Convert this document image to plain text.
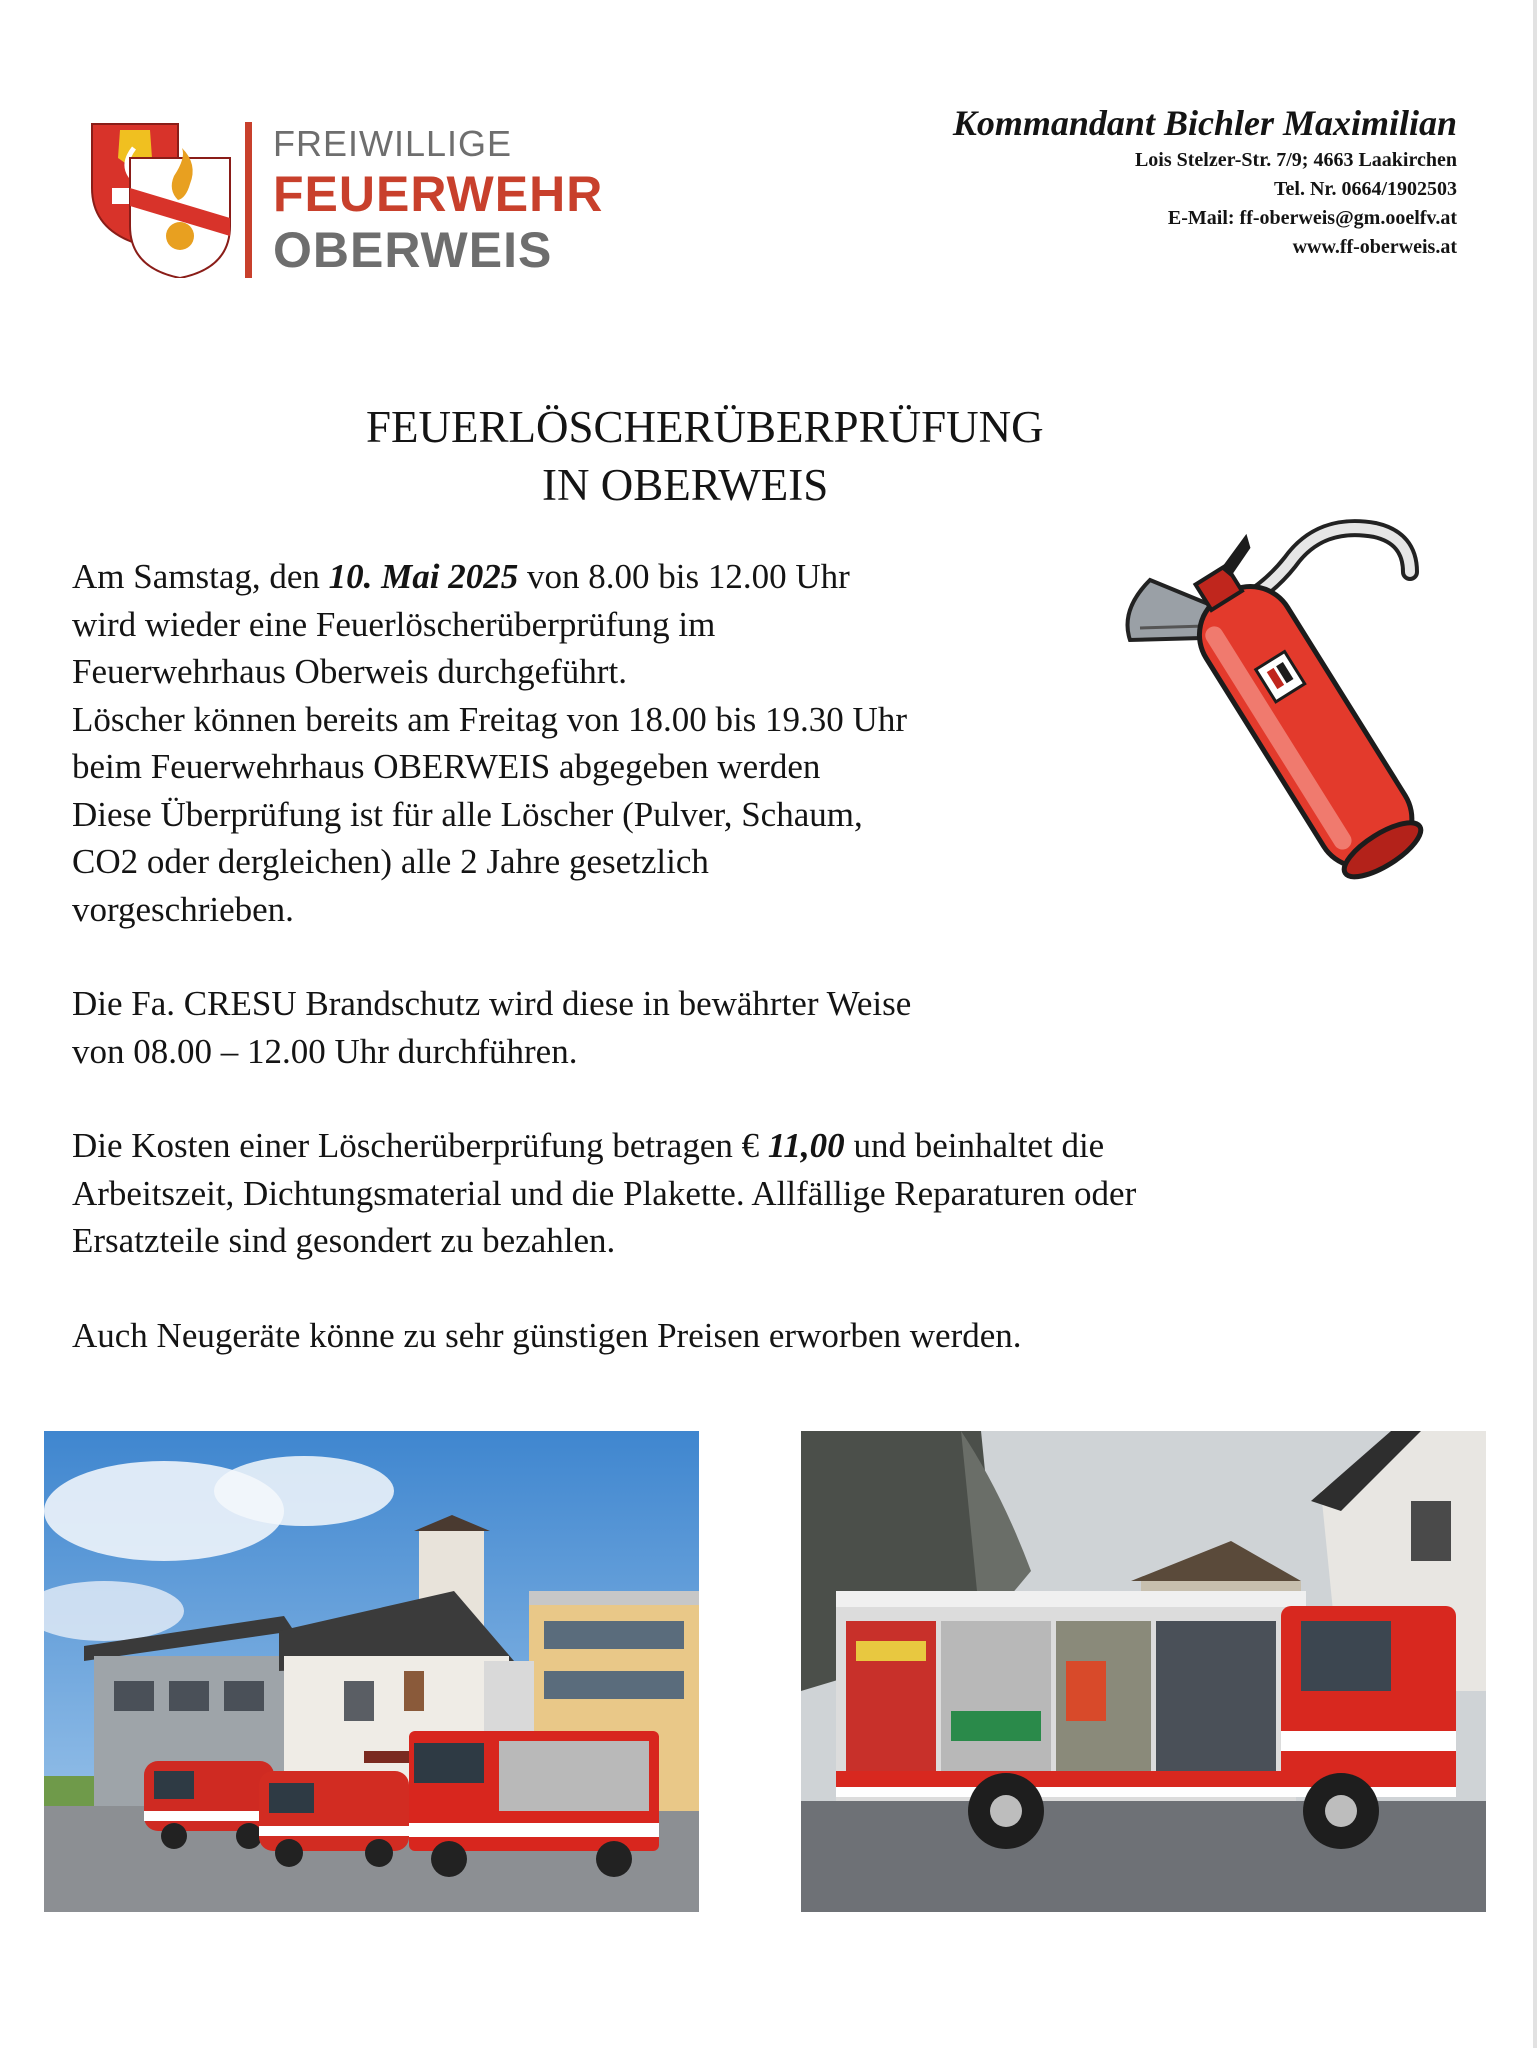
FREIWILLIGE
FEUERWEHR
OBERWEIS
Kommandant Bichler Maximilian
Lois Stelzer-Str. 7/9; 4663 Laakirchen
Tel. Nr. 0664/1902503
E-Mail: ff-oberweis@gm.ooelfv.at
www.ff-oberweis.at
FEUERLÖSCHERÜBERPRÜFUNG
IN OBERWEIS

Am Samstag, den 10. Mai 2025 von 8.00 bis 12.00 Uhr

wird wieder eine Feuerlöscherüberprüfung im

Feuerwehrhaus Oberweis durchgeführt.

Löscher können bereits am Freitag von 18.00 bis 19.30 Uhr

beim Feuerwehrhaus OBERWEIS abgegeben werden

Diese Überprüfung ist für alle Löscher (Pulver, Schaum,

CO2 oder dergleichen) alle 2 Jahre gesetzlich

vorgeschrieben.

Die Fa. CRESU Brandschutz wird diese in bewährter Weise

von 08.00 – 12.00 Uhr durchführen.

Die Kosten einer Löscherüberprüfung betragen € 11,00 und beinhaltet die

Arbeitszeit, Dichtungsmaterial und die Plakette. Allfällige Reparaturen oder

Ersatzteile sind gesondert zu bezahlen.

Auch Neugeräte könne zu sehr günstigen Preisen erworben werden.
